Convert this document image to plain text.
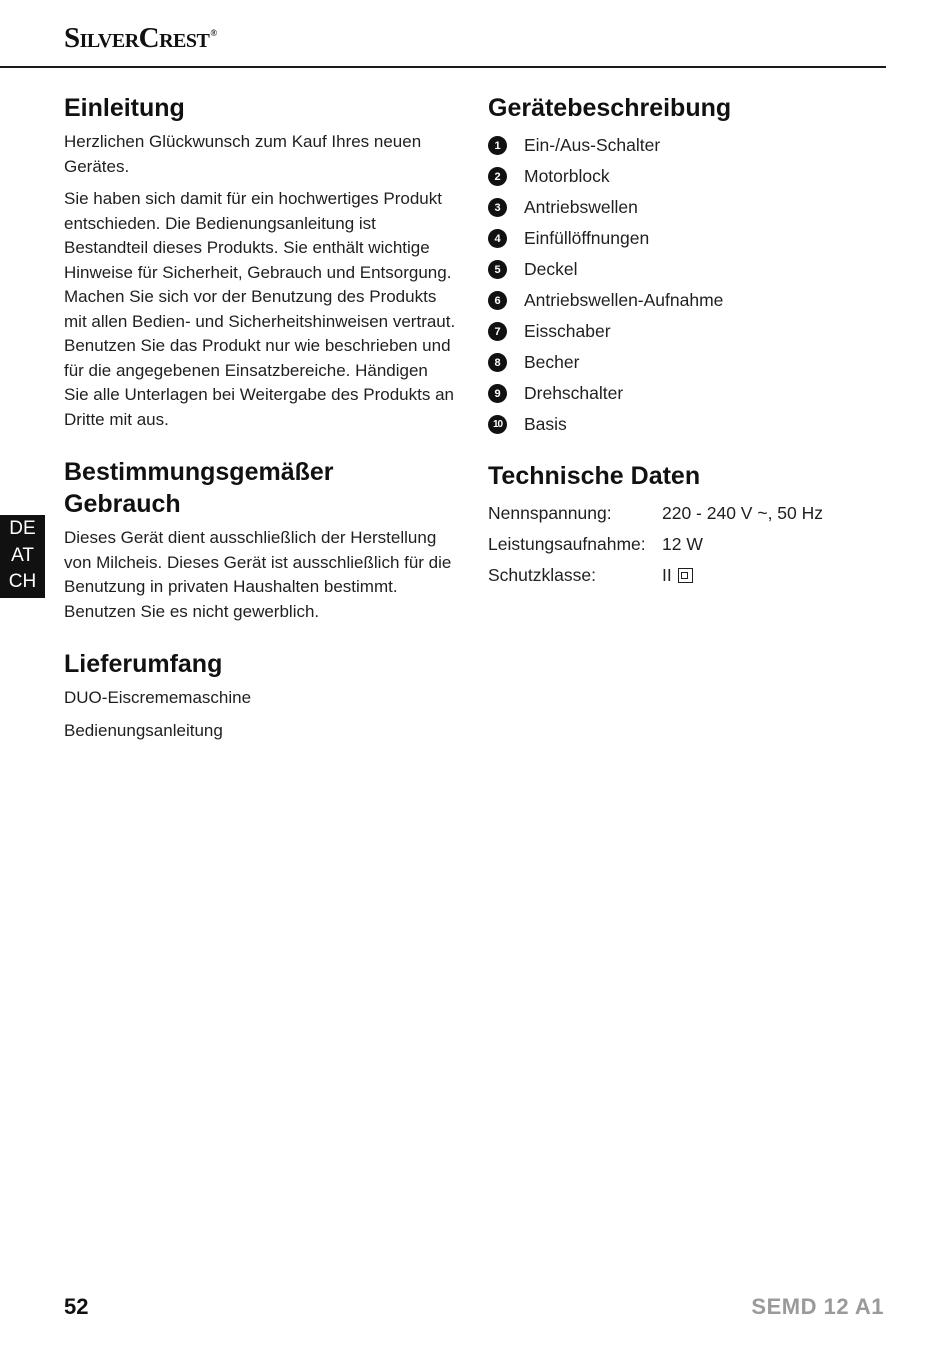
SilverCrest®
Einleitung

Herzlichen Glückwunsch zum Kauf Ihres neuen Gerätes.

Sie haben sich damit für ein hochwertiges Produkt entschieden. Die Bedienungsanleitung ist Bestandteil dieses Produkts. Sie enthält wichtige Hinweise für Sicherheit, Gebrauch und Entsorgung. Machen Sie sich vor der Benutzung des Produkts mit allen Bedien- und Sicherheitshinweisen vertraut. Benutzen Sie das Produkt nur wie beschrieben und für die angegebenen Einsatzbereiche. Händigen Sie alle Unterlagen bei Weitergabe des Produkts an Dritte mit aus.

Bestimmungsgemäßer Gebrauch

Dieses Gerät dient ausschließlich der Herstellung von Milcheis. Dieses Gerät ist ausschließlich für die Benutzung in privaten Haushalten bestimmt. Benutzen Sie es nicht gewerblich.

Lieferumfang

DUO-Eiscrememaschine

Bedienungsanleitung

Gerätebeschreibung
1	Ein-/Aus-Schalter
2	Motorblock
3	Antriebswellen
4	Einfüllöffnungen
5	Deckel
6	Antriebswellen-Aufnahme
7	Eisschaber
8	Becher
9	Drehschalter
10 Basis
Technische Daten
Nennspannung:	220 - 240 V ~, 50 Hz
Leistungsaufnahme: 12 W
Schutzklasse:	II
DE
AT
CH
52	SEMD 12 A1
